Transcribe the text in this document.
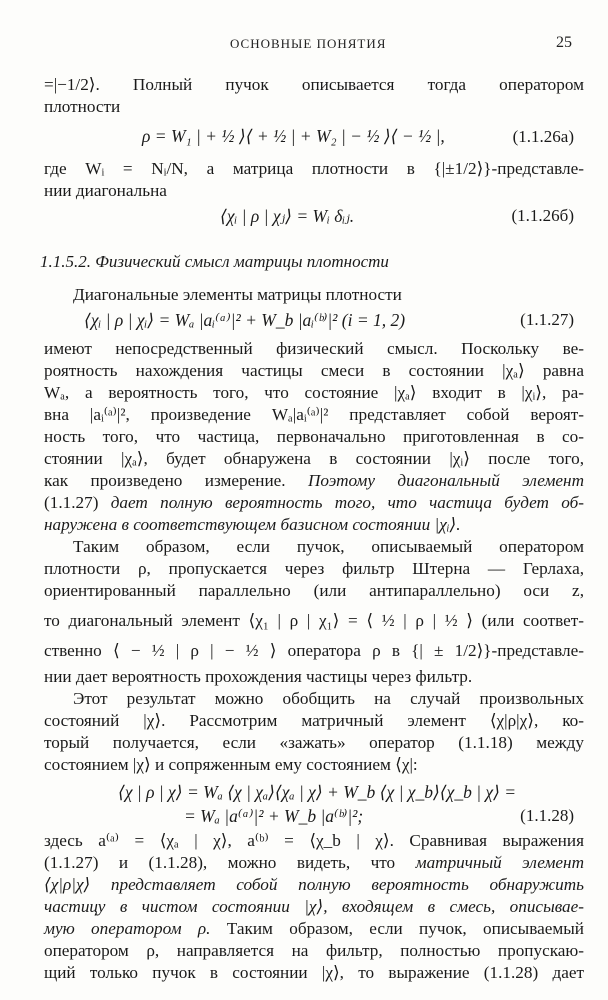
ОСНОВНЫЕ ПОНЯТИЯ	25
=|−1/2⟩. Полный пучок описывается тогда оператором
плотности
ρ = W₁ | + ½ ⟩⟨ + ½ | + W₂ | − ½ ⟩⟨ − ½ |,	(1.1.26а)
где Wᵢ = Nᵢ/N, а матрица плотности в {|±1/2⟩}-представле-
нии диагональна
⟨χᵢ | ρ | χⱼ⟩ = Wᵢ δᵢⱼ.	(1.1.26б)
1.1.5.2. Физический смысл матрицы плотности
Диагональные элементы матрицы плотности
⟨χᵢ | ρ | χᵢ⟩ = Wₐ |aᵢ⁽ᵃ⁾|² + W_b |aᵢ⁽ᵇ⁾|² (i = 1, 2)	(1.1.27)
имеют непосредственный физический смысл. Поскольку ве-
роятность нахождения частицы смеси в состоянии |χₐ⟩ равна
Wₐ, а вероятность того, что состояние |χₐ⟩ входит в |χᵢ⟩, ра-
вна |aᵢ⁽ᵃ⁾|², произведение Wₐ|aᵢ⁽ᵃ⁾|² представляет собой вероят-
ность того, что частица, первоначально приготовленная в со-
стоянии |χₐ⟩, будет обнаружена в состоянии |χᵢ⟩ после того,
как произведено измерение. Поэтому диагональный элемент
(1.1.27) дает полную вероятность того, что частица будет об-
наружена в соответствующем базисном состоянии |χᵢ⟩.
Таким образом, если пучок, описываемый оператором
плотности ρ, пропускается через фильтр Штерна — Герлаха,
ориентированный параллельно (или антипараллельно) оси z,
то диагональный элемент ⟨χ₁ | ρ | χ₁⟩ = ⟨ ½ | ρ | ½ ⟩ (или соответ-
ственно ⟨ − ½ | ρ | − ½ ⟩ оператора ρ в {| ± 1/2⟩}-представле-
нии дает вероятность прохождения частицы через фильтр.
Этот результат можно обобщить на случай произвольных
состояний |χ⟩. Рассмотрим матричный элемент ⟨χ|ρ|χ⟩, ко-
торый получается, если «зажать» оператор (1.1.18) между
состоянием |χ⟩ и сопряженным ему состоянием ⟨χ|:
⟨χ | ρ | χ⟩ = Wₐ ⟨χ | χₐ⟩⟨χₐ | χ⟩ + W_b ⟨χ | χ_b⟩⟨χ_b | χ⟩ =
= Wₐ |a⁽ᵃ⁾|² + W_b |a⁽ᵇ⁾|²;	(1.1.28)
здесь a⁽ᵃ⁾ = ⟨χₐ | χ⟩, a⁽ᵇ⁾ = ⟨χ_b | χ⟩. Сравнивая выражения
(1.1.27) и (1.1.28), можно видеть, что матричный элемент
⟨χ|ρ|χ⟩ представляет собой полную вероятность обнаружить
частицу в чистом состоянии |χ⟩, входящем в смесь, описывае-
мую оператором ρ. Таким образом, если пучок, описываемый
оператором ρ, направляется на фильтр, полностью пропускаю-
щий только пучок в состоянии |χ⟩, то выражение (1.1.28) дает
